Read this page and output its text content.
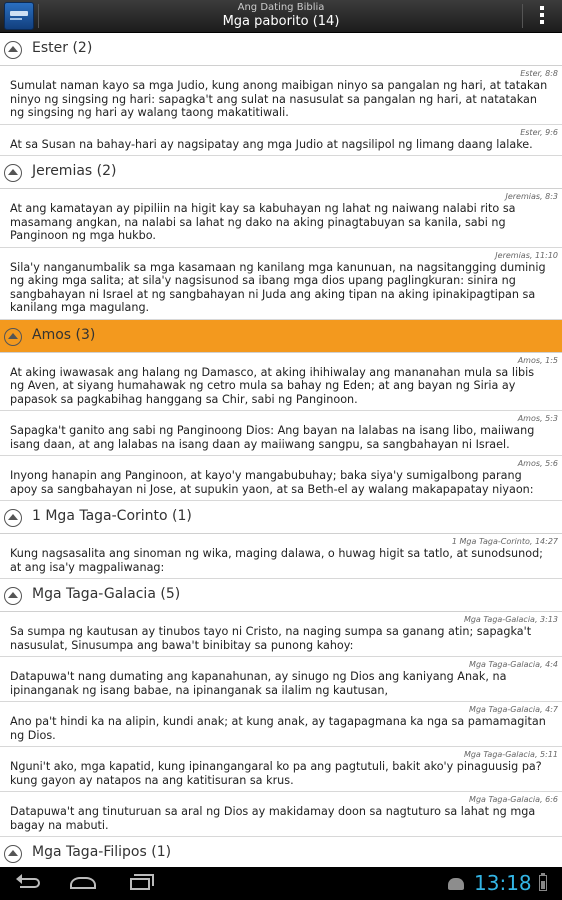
Ang Dating Biblia
Mga paborito (14)
Ester (2)
Ester, 8:8
Sumulat naman kayo sa mga Judio, kung anong maibigan ninyo sa pangalan ng hari, at tatakan ninyo ng singsing ng hari: sapagka't ang sulat na nasusulat sa pangalan ng hari, at natatakan ng singsing ng hari ay walang taong makatitiwali.
Ester, 9:6
At sa Susan na bahay-hari ay nagsipatay ang mga Judio at nagsilipol ng limang daang lalake.
Jeremias (2)
Jeremias, 8:3
At ang kamatayan ay pipiliin na higit kay sa kabuhayan ng lahat ng naiwang nalabi rito sa masamang angkan, na nalabi sa lahat ng dako na aking pinagtabuyan sa kanila, sabi ng Panginoon ng mga hukbo.
Jeremias, 11:10
Sila'y nanganumbalik sa mga kasamaan ng kanilang mga kanunuan, na nagsitangging duminig ng aking mga salita; at sila'y nagsisunod sa ibang mga dios upang paglingkuran: sinira ng sangbahayan ni Israel at ng sangbahayan ni Juda ang aking tipan na aking ipinakipagtipan sa kanilang mga magulang.
Amos (3)
Amos, 1:5
At aking iwawasak ang halang ng Damasco, at aking ihihiwalay ang mananahan mula sa libis ng Aven, at siyang humahawak ng cetro mula sa bahay ng Eden; at ang bayan ng Siria ay papasok sa pagkabihag hanggang sa Chir, sabi ng Panginoon.
Amos, 5:3
Sapagka't ganito ang sabi ng Panginoong Dios: Ang bayan na lalabas na isang libo, maiiwang isang daan, at ang lalabas na isang daan ay maiiwang sangpu, sa sangbahayan ni Israel.
Amos, 5:6
Inyong hanapin ang Panginoon, at kayo'y mangabubuhay; baka siya'y sumigalbong parang apoy sa sangbahayan ni Jose, at supukin yaon, at sa Beth-el ay walang makapapatay niyaon:
1 Mga Taga-Corinto (1)
1 Mga Taga-Corinto, 14:27
Kung nagsasalita ang sinoman ng wika, maging dalawa, o huwag higit sa tatlo, at sunodsunod; at ang isa'y magpaliwanag:
Mga Taga-Galacia (5)
Mga Taga-Galacia, 3:13
Sa sumpa ng kautusan ay tinubos tayo ni Cristo, na naging sumpa sa ganang atin; sapagka't nasusulat, Sinusumpa ang bawa't binibitay sa punong kahoy:
Mga Taga-Galacia, 4:4
Datapuwa't nang dumating ang kapanahunan, ay sinugo ng Dios ang kaniyang Anak, na ipinanganak ng isang babae, na ipinanganak sa ilalim ng kautusan,
Mga Taga-Galacia, 4:7
Ano pa't hindi ka na alipin, kundi anak; at kung anak, ay tagapagmana ka nga sa pamamagitan ng Dios.
Mga Taga-Galacia, 5:11
Nguni't ako, mga kapatid, kung ipinangangaral ko pa ang pagtutuli, bakit ako'y pinaguusig pa? kung gayon ay natapos na ang katitisuran sa krus.
Mga Taga-Galacia, 6:6
Datapuwa't ang tinuturuan sa aral ng Dios ay makidamay doon sa nagtuturo sa lahat ng mga bagay na mabuti.
Mga Taga-Filipos (1)
13:18
